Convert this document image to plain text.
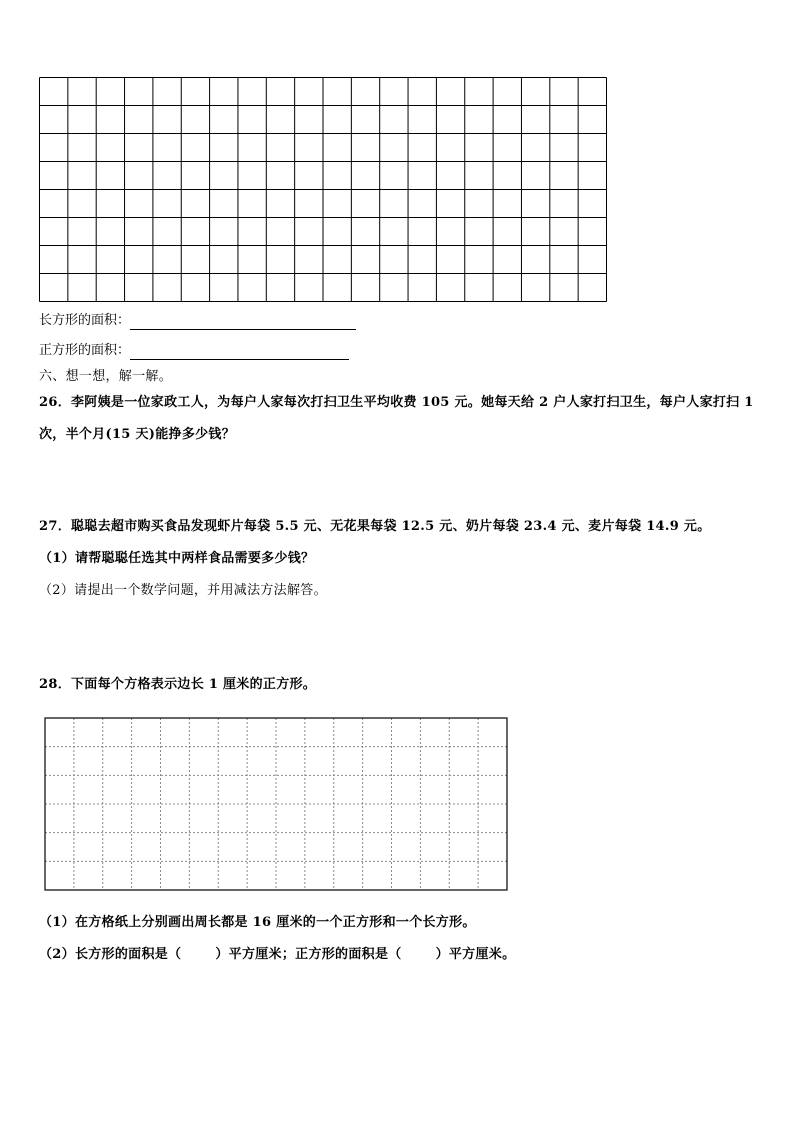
长方形的面积：
正方形的面积：
六、想一想，解一解。
26．李阿姨是一位家政工人，为每户人家每次打扫卫生平均收费 105 元。她每天给 2 户人家打扫卫生，每户人家打扫 1
次，半个月(15 天)能挣多少钱？
27．聪聪去超市购买食品发现虾片每袋 5.5 元、无花果每袋 12.5 元、奶片每袋 23.4 元、麦片每袋 14.9 元。
（1）请帮聪聪任选其中两样食品需要多少钱？
（2）请提出一个数学问题，并用减法方法解答。
28．下面每个方格表示边长 1 厘米的正方形。
（1）在方格纸上分别画出周长都是 16 厘米的一个正方形和一个长方形。
（2）长方形的面积是（	）平方厘米；正方形的面积是（	）平方厘米。
